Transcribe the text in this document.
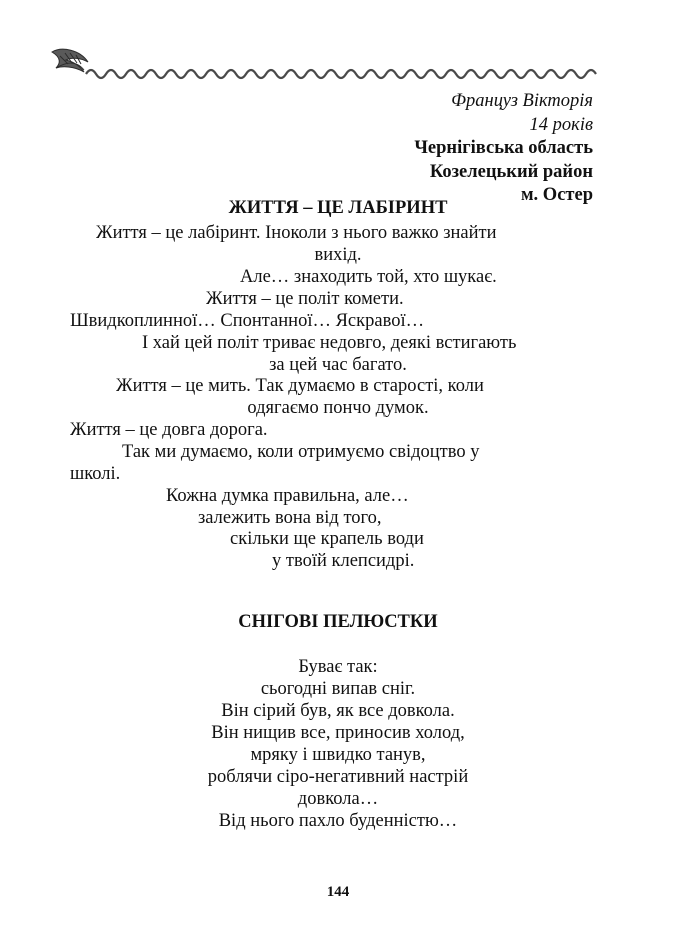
Француз Вікторія
14 років
Чернігівська область
Козелецький район
м. Остер
ЖИТТЯ – ЦЕ ЛАБІРИНТ
Життя – це лабіринт. Іноколи з нього важко знайти
вихід.
Але… знаходить той, хто шукає.
Життя – це політ комети.
Швидкоплинної… Спонтанної… Яскравої…
І хай цей політ триває недовго, деякі встигають
за цей час багато.
Життя – це мить. Так думаємо в старості, коли
одягаємо пончо думок.
Життя – це довга дорога.
Так ми думаємо, коли отримуємо свідоцтво у
школі.
Кожна думка правильна, але…
залежить вона від того,
скільки ще крапель води
у твоїй клепсидрі.
СНІГОВІ ПЕЛЮСТКИ
Буває так:
сьогодні випав сніг.
Він сірий був, як все довкола.
Він нищив все, приносив холод,
мряку і швидко танув,
роблячи сіро-негативний настрій
довкола…
Від нього пахло буденністю…
144
